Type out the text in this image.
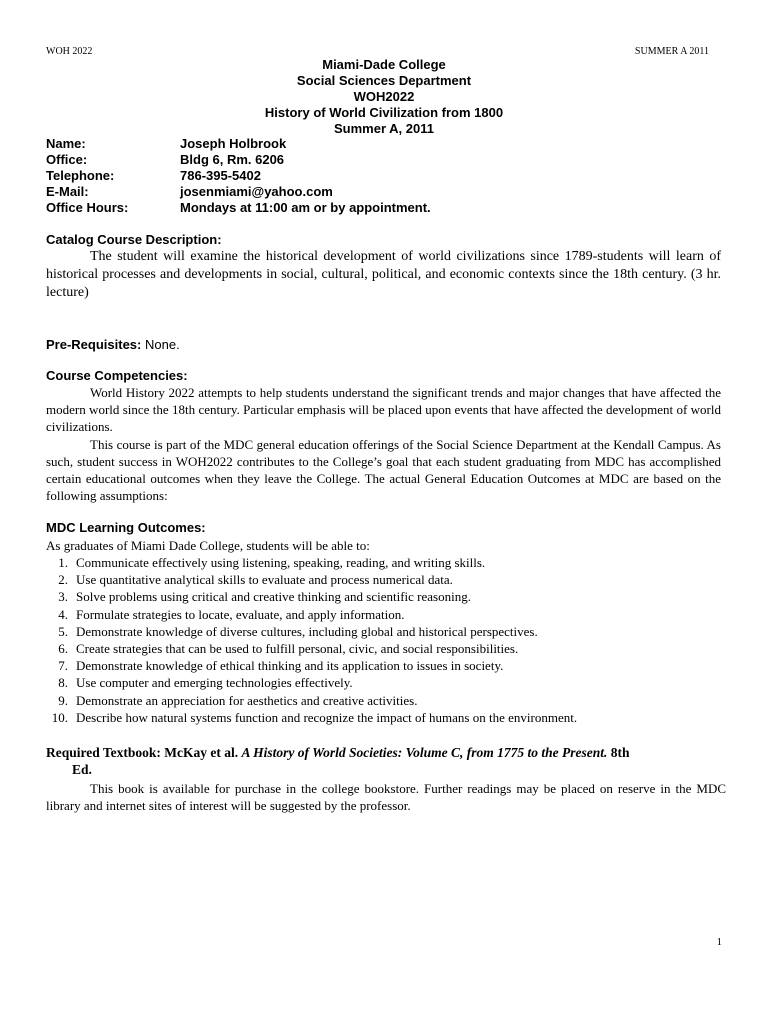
WOH 2022	SUMMER A 2011
Miami-Dade College
Social Sciences Department
WOH2022
History of World Civilization from 1800
Summer A, 2011
Name:	Joseph Holbrook
Office:	Bldg 6, Rm. 6206
Telephone:	786-395-5402
E-Mail:	josenmiami@yahoo.com
Office Hours:	Mondays at 11:00 am or by appointment.
Catalog Course Description:
The student will examine the historical development of world civilizations since 1789-students will learn of historical processes and developments in social, cultural, political, and economic contexts since the 18th century. (3 hr. lecture)
Pre-Requisites: None.
Course Competencies:
World History 2022 attempts to help students understand the significant trends and major changes that have affected the modern world since the 18th century. Particular emphasis will be placed upon events that have affected the development of world civilizations.
This course is part of the MDC general education offerings of the Social Science Department at the Kendall Campus. As such, student success in WOH2022 contributes to the College’s goal that each student graduating from MDC has accomplished certain educational outcomes when they leave the College. The actual General Education Outcomes at MDC are based on the following assumptions:
MDC Learning Outcomes:
As graduates of Miami Dade College, students will be able to:
1. Communicate effectively using listening, speaking, reading, and writing skills.
2. Use quantitative analytical skills to evaluate and process numerical data.
3. Solve problems using critical and creative thinking and scientific reasoning.
4. Formulate strategies to locate, evaluate, and apply information.
5. Demonstrate knowledge of diverse cultures, including global and historical perspectives.
6. Create strategies that can be used to fulfill personal, civic, and social responsibilities.
7. Demonstrate knowledge of ethical thinking and its application to issues in society.
8. Use computer and emerging technologies effectively.
9. Demonstrate an appreciation for aesthetics and creative activities.
10. Describe how natural systems function and recognize the impact of humans on the environment.
Required Textbook: McKay et al. A History of World Societies: Volume C, from 1775 to the Present. 8th
Ed.
This book is available for purchase in the college bookstore. Further readings may be placed on reserve in the MDC library and internet sites of interest will be suggested by the professor.
1
